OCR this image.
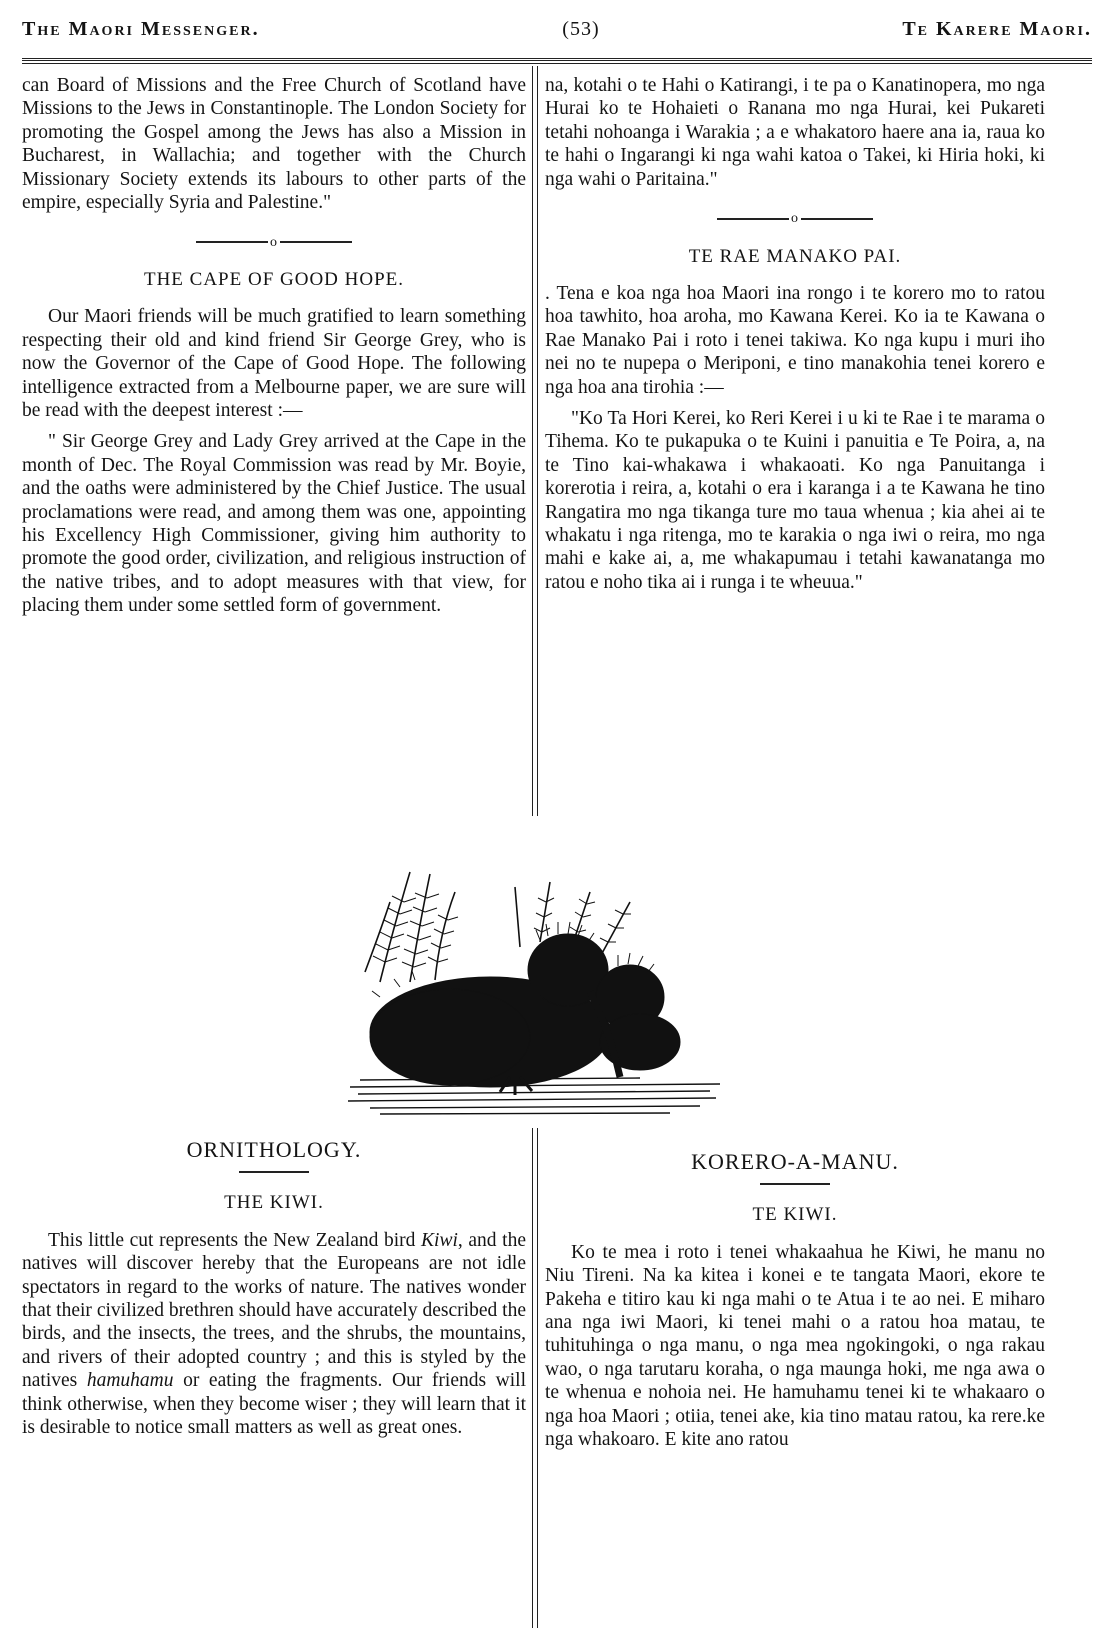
The Maori Messenger.	(53)	Te Karere Maori.

can Board of Missions and the Free Church of Scotland have Missions to the Jews in Constantinople. The London Society for promoting the Gospel among the Jews has also a Mission in Bucharest, in Wallachia; and together with the Church Missionary Society extends its labours to other parts of the empire, especially Syria and Palestine."

o
THE CAPE OF GOOD HOPE.

Our Maori friends will be much gratified to learn something respecting their old and kind friend Sir George Grey, who is now the Governor of the Cape of Good Hope. The following intelligence extracted from a Melbourne paper, we are sure will be read with the deepest interest :—

" Sir George Grey and Lady Grey arrived at the Cape in the month of Dec. The Royal Commission was read by Mr. Boyie, and the oaths were administered by the Chief Justice. The usual proclamations were read, and among them was one, appointing his Excellency High Commissioner, giving him authority to promote the good order, civilization, and religious instruction of the native tribes, and to adopt measures with that view, for placing them under some settled form of government.

na, kotahi o te Hahi o Katirangi, i te pa o Kanatinopera, mo nga Hurai ko te Hohaieti o Ranana mo nga Hurai, kei Pukareti tetahi nohoanga i Warakia ; a e whakatoro haere ana ia, raua ko te hahi o Ingarangi ki nga wahi katoa o Takei, ki Hiria hoki, ki nga wahi o Paritaina."

o
TE RAE MANAKO PAI.

. Tena e koa nga hoa Maori ina rongo i te korero mo to ratou hoa tawhito, hoa aroha, mo Kawana Kerei. Ko ia te Kawana o Rae Manako Pai i roto i tenei takiwa. Ko nga kupu i muri iho nei no te nupepa o Meriponi, e tino manakohia tenei korero e nga hoa ana tirohia :—

"Ko Ta Hori Kerei, ko Reri Kerei i u ki te Rae i te marama o Tihema. Ko te pukapuka o te Kuini i panuitia e Te Poira, a, na te Tino kai-whakawa i whakaoati. Ko nga Panuitanga i korerotia i reira, a, kotahi o era i karanga i a te Kawana he tino Rangatira mo nga tikanga ture mo taua whenua ; kia ahei ai te whakatu i nga ritenga, mo te karakia o nga iwi o reira, mo nga mahi e kake ai, a, me whakapumau i tetahi kawanatanga mo ratou e noho tika ai i runga i te wheuua."

ORNITHOLOGY.
THE KIWI.

This little cut represents the New Zealand bird Kiwi, and the natives will discover hereby that the Europeans are not idle spectators in regard to the works of nature. The natives wonder that their civilized brethren should have accurately described the birds, and the insects, the trees, and the shrubs, the mountains, and rivers of their adopted country ; and this is styled by the natives hamuhamu or eating the fragments. Our friends will think otherwise, when they become wiser ; they will learn that it is desirable to notice small matters as well as great ones.

KORERO-A-MANU.
TE KIWI.

Ko te mea i roto i tenei whakaahua he Kiwi, he manu no Niu Tireni. Na ka kitea i konei e te tangata Maori, ekore te Pakeha e titiro kau ki nga mahi o te Atua i te ao nei. E miharo ana nga iwi Maori, ki tenei mahi o a ratou hoa matau, te tuhituhinga o nga manu, o nga mea ngokingoki, o nga rakau wao, o nga tarutaru koraha, o nga maunga hoki, me nga awa o te whenua e nohoia nei. He hamuhamu tenei ki te whakaaro o nga hoa Maori ; otiia, tenei ake, kia tino matau ratou, ka rere.ke nga whakoaro. E kite ano ratou
